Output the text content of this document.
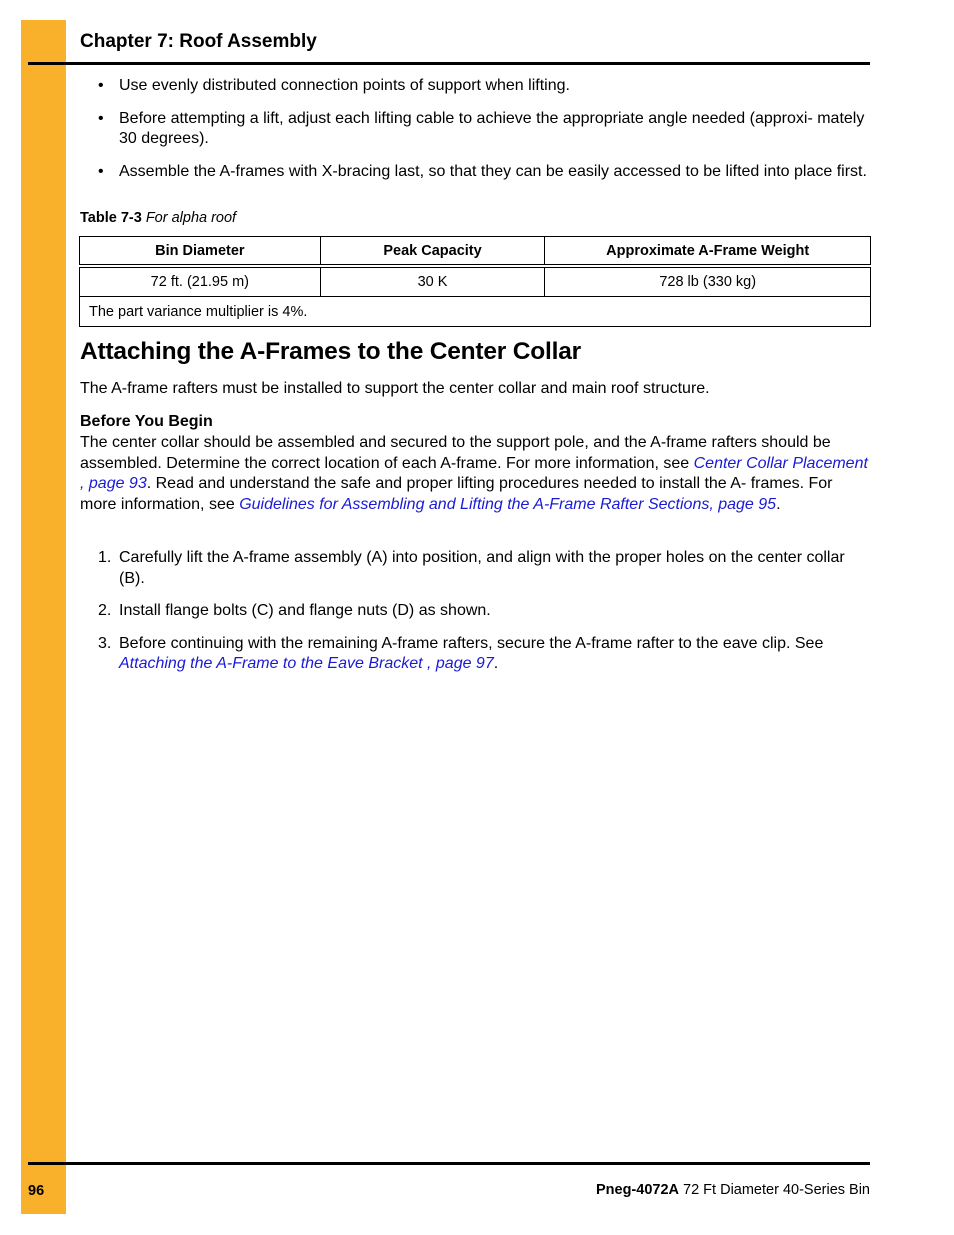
Chapter 7: Roof Assembly
• Use evenly distributed connection points of support when lifting.
• Before attempting a lift, adjust each lifting cable to achieve the appropriate angle needed (approxi- mately 30 degrees).
• Assemble the A-frames with X-bracing last, so that they can be easily accessed to be lifted into place first.
Table 7-3 For alpha roof
Bin Diameter	Peak Capacity	Approximate A-Frame Weight
72 ft. (21.95 m)	30 K	728 lb (330 kg)
The part variance multiplier is 4%.		
Attaching the A-Frames to the Center Collar
The A-frame rafters must be installed to support the center collar and main roof structure.
Before You Begin
The center collar should be assembled and secured to the support pole, and the A-frame rafters should be assembled. Determine the correct location of each A-frame. For more information, see Center Collar Placement , page 93. Read and understand the safe and proper lifting procedures needed to install the A- frames. For more information, see Guidelines for Assembling and Lifting the A-Frame Rafter Sections, page 95.
1. Carefully lift the A-frame assembly (A) into position, and align with the proper holes on the center collar (B).
2. Install flange bolts (C) and flange nuts (D) as shown.
3. Before continuing with the remaining A-frame rafters, secure the A-frame rafter to the eave clip. See Attaching the A-Frame to the Eave Bracket , page 97.
96	Pneg-4072A 72 Ft Diameter 40-Series Bin
